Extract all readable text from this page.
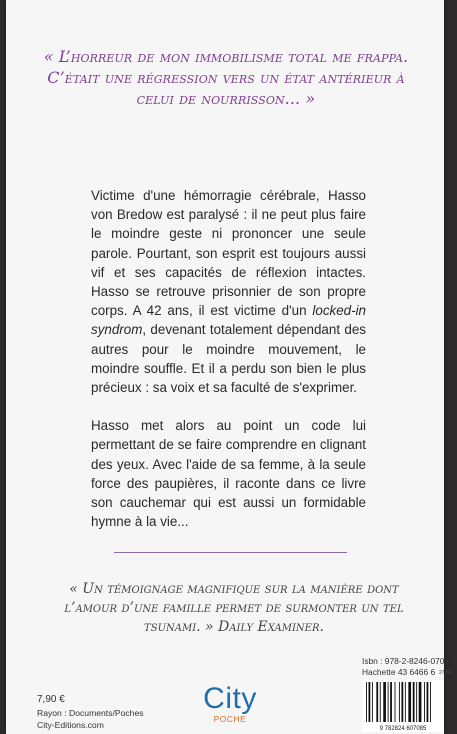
« L’horreur de mon immobilisme total me frappa. C’était une régression vers un état antérieur à celui de nourrisson... »

Victime d'une hémorragie cérébrale, Hasso von Bredow est paralysé : il ne peut plus faire le moindre geste ni prononcer une seule parole. Pourtant, son esprit est toujours aussi vif et ses capacités de réflexion intactes. Hasso se retrouve prisonnier de son propre corps. A 42 ans, il est victime d'un locked-in syndrom, devenant totalement dépendant des autres pour le moindre mouvement, le moindre souffle. Et il a perdu son bien le plus précieux : sa voix et sa faculté de s'exprimer.

Hasso met alors au point un code lui permettant de se faire comprendre en clignant des yeux. Avec l'aide de sa femme, à la seule force des paupières, il raconte dans ce livre son cauchemar qui est aussi un formidable hymne à la vie...

« Un témoignage magnifique sur la manière dont l’amour d’une famille permet de surmonter un tel tsunami. » Daily Examiner.
7,90 €
Rayon : Documents/Poches
City-Editions.com
City
POCHE
Isbn : 978-2-8246-0708-5
Hachette 43 6466 6 27/66
9 782824 607085
